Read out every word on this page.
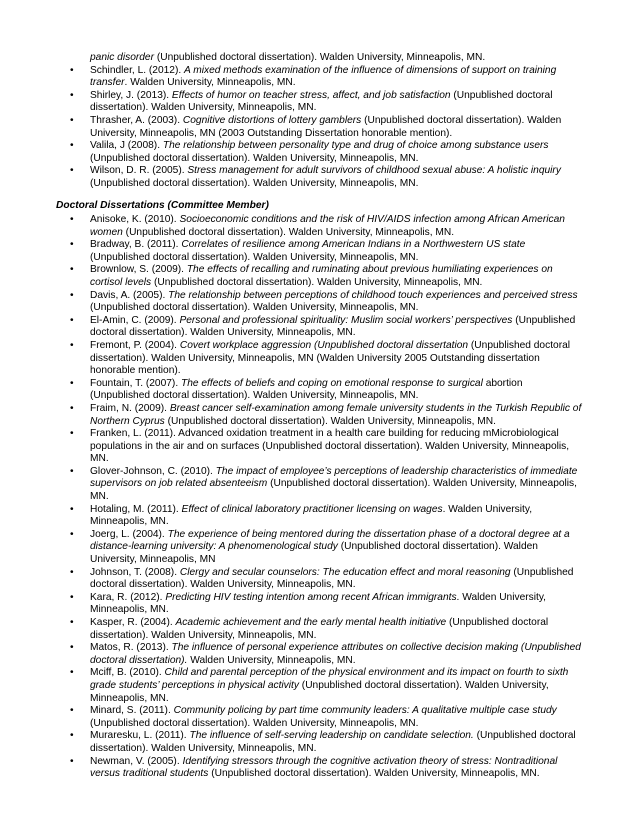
panic disorder (Unpublished doctoral dissertation). Walden University, Minneapolis, MN.

• Schindler, L. (2012). A mixed methods examination of the influence of dimensions of support on training transfer. Walden University, Minneapolis, MN.
• Shirley, J. (2013). Effects of humor on teacher stress, affect, and job satisfaction (Unpublished doctoral dissertation). Walden University, Minneapolis, MN.
• Thrasher, A. (2003). Cognitive distortions of lottery gamblers (Unpublished doctoral dissertation). Walden University, Minneapolis, MN (2003 Outstanding Dissertation honorable mention).
• Valila, J (2008). The relationship between personality type and drug of choice among substance users (Unpublished doctoral dissertation). Walden University, Minneapolis, MN.
• Wilson, D. R. (2005). Stress management for adult survivors of childhood sexual abuse: A holistic inquiry (Unpublished doctoral dissertation). Walden University, Minneapolis, MN.

Doctoral Dissertations (Committee Member)

• Anisoke, K. (2010). Socioeconomic conditions and the risk of HIV/AIDS infection among African American women (Unpublished doctoral dissertation). Walden University, Minneapolis, MN.
• Bradway, B. (2011). Correlates of resilience among American Indians in a Northwestern US state (Unpublished doctoral dissertation). Walden University, Minneapolis, MN.
• Brownlow, S. (2009). The effects of recalling and ruminating about previous humiliating experiences on cortisol levels (Unpublished doctoral dissertation). Walden University, Minneapolis, MN.
• Davis, A. (2005). The relationship between perceptions of childhood touch experiences and perceived stress (Unpublished doctoral dissertation). Walden University, Minneapolis, MN.
• El-Amin, C. (2009). Personal and professional spirituality: Muslim social workers’ perspectives (Unpublished doctoral dissertation). Walden University, Minneapolis, MN.
• Fremont, P. (2004). Covert workplace aggression (Unpublished doctoral dissertation (Unpublished doctoral dissertation). Walden University, Minneapolis, MN (Walden University 2005 Outstanding dissertation honorable mention).
• Fountain, T. (2007). The effects of beliefs and coping on emotional response to surgical abortion (Unpublished doctoral dissertation). Walden University, Minneapolis, MN.
• Fraim, N. (2009). Breast cancer self-examination among female university students in the Turkish Republic of Northern Cyprus (Unpublished doctoral dissertation). Walden University, Minneapolis, MN.
• Franken, L. (2011). Advanced oxidation treatment in a health care building for reducing mMicrobiological populations in the air and on surfaces (Unpublished doctoral dissertation). Walden University, Minneapolis, MN.
• Glover-Johnson, C. (2010). The impact of employee’s perceptions of leadership characteristics of immediate supervisors on job related absenteeism (Unpublished doctoral dissertation). Walden University, Minneapolis, MN.
• Hotaling, M. (2011). Effect of clinical laboratory practitioner licensing on wages. Walden University, Minneapolis, MN.
• Joerg, L. (2004). The experience of being mentored during the dissertation phase of a doctoral degree at a distance-learning university: A phenomenological study (Unpublished doctoral dissertation). Walden University, Minneapolis, MN
• Johnson, T. (2008). Clergy and secular counselors: The education effect and moral reasoning (Unpublished doctoral dissertation). Walden University, Minneapolis, MN.
• Kara, R. (2012). Predicting HIV testing intention among recent African immigrants. Walden University, Minneapolis, MN.
• Kasper, R. (2004). Academic achievement and the early mental health initiative (Unpublished doctoral dissertation). Walden University, Minneapolis, MN.
• Matos, R. (2013). The influence of personal experience attributes on collective decision making (Unpublished doctoral dissertation). Walden University, Minneapolis, MN.
• Mciff, B. (2010). Child and parental perception of the physical environment and its impact on fourth to sixth grade students’ perceptions in physical activity (Unpublished doctoral dissertation). Walden University, Minneapolis, MN.
• Minard, S. (2011). Community policing by part time community leaders: A qualitative multiple case study (Unpublished doctoral dissertation). Walden University, Minneapolis, MN.
• Muraresku, L. (2011). The influence of self-serving leadership on candidate selection. (Unpublished doctoral dissertation). Walden University, Minneapolis, MN.
• Newman, V. (2005). Identifying stressors through the cognitive activation theory of stress: Nontraditional versus traditional students (Unpublished doctoral dissertation). Walden University, Minneapolis, MN.
